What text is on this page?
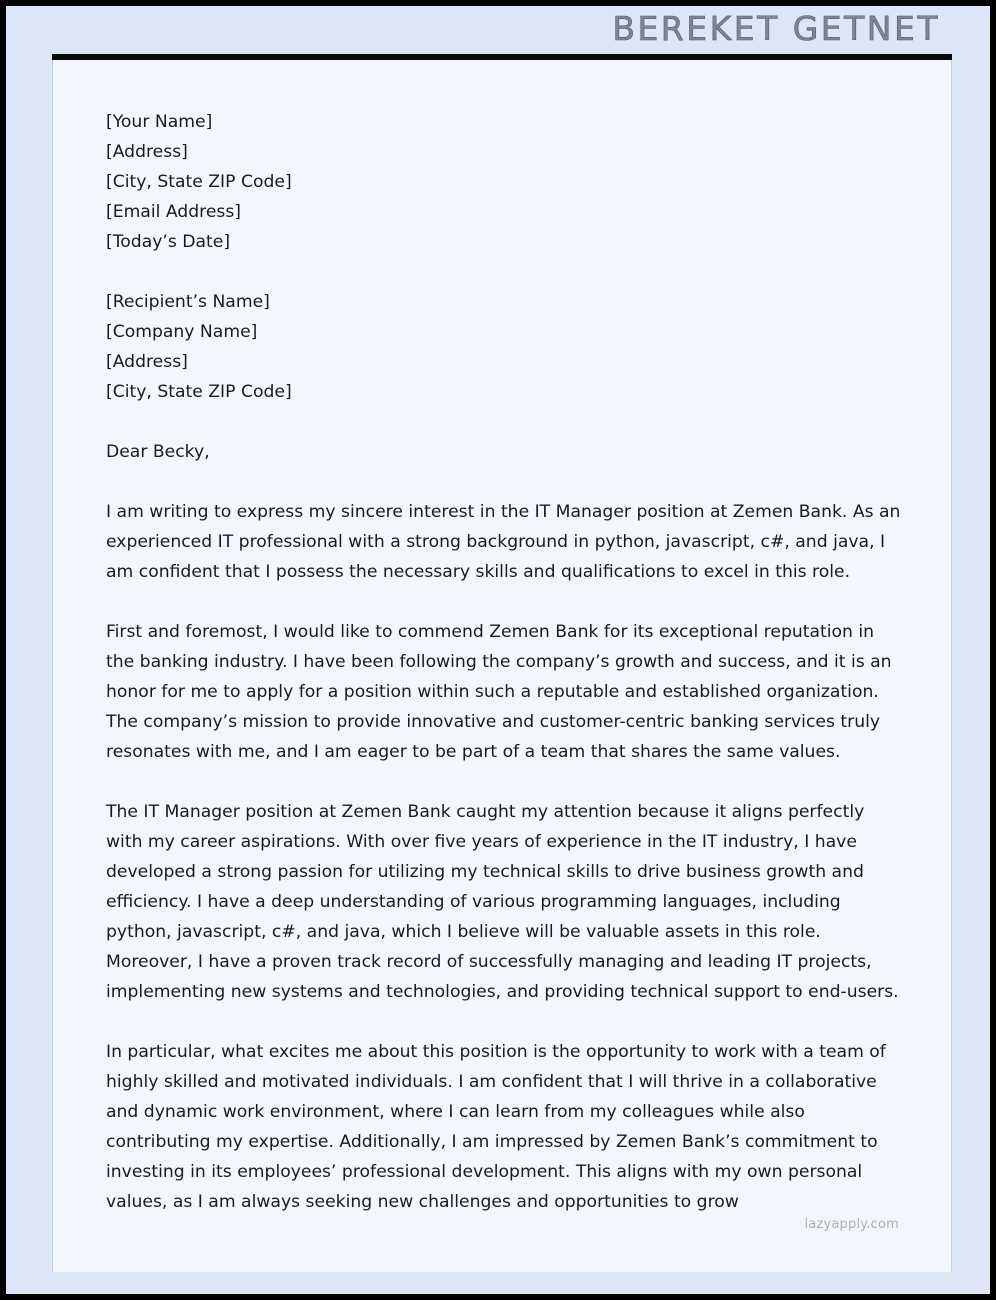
BEREKET GETNET
[Your Name]
[Address]
[City, State ZIP Code]
[Email Address]
[Today’s Date]
[Recipient’s Name]
[Company Name]
[Address]
[City, State ZIP Code]
Dear Becky,

I am writing to express my sincere interest in the IT Manager position at Zemen Bank. As an experienced IT professional with a strong background in python, javascript, c#, and java, I am confident that I possess the necessary skills and qualifications to excel in this role.

First and foremost, I would like to commend Zemen Bank for its exceptional reputation in the banking industry. I have been following the company’s growth and success, and it is an honor for me to apply for a position within such a reputable and established organization. The company’s mission to provide innovative and customer-centric banking services truly resonates with me, and I am eager to be part of a team that shares the same values.

The IT Manager position at Zemen Bank caught my attention because it aligns perfectly with my career aspirations. With over five years of experience in the IT industry, I have developed a strong passion for utilizing my technical skills to drive business growth and efficiency. I have a deep understanding of various programming languages, including python, javascript, c#, and java, which I believe will be valuable assets in this role. Moreover, I have a proven track record of successfully managing and leading IT projects, implementing new systems and technologies, and providing technical support to end-users.

In particular, what excites me about this position is the opportunity to work with a team of highly skilled and motivated individuals. I am confident that I will thrive in a collaborative and dynamic work environment, where I can learn from my colleagues while also contributing my expertise. Additionally, I am impressed by Zemen Bank’s commitment to investing in its employees’ professional development. This aligns with my own personal values, as I am always seeking new challenges and opportunities to grow

lazyapply.com
